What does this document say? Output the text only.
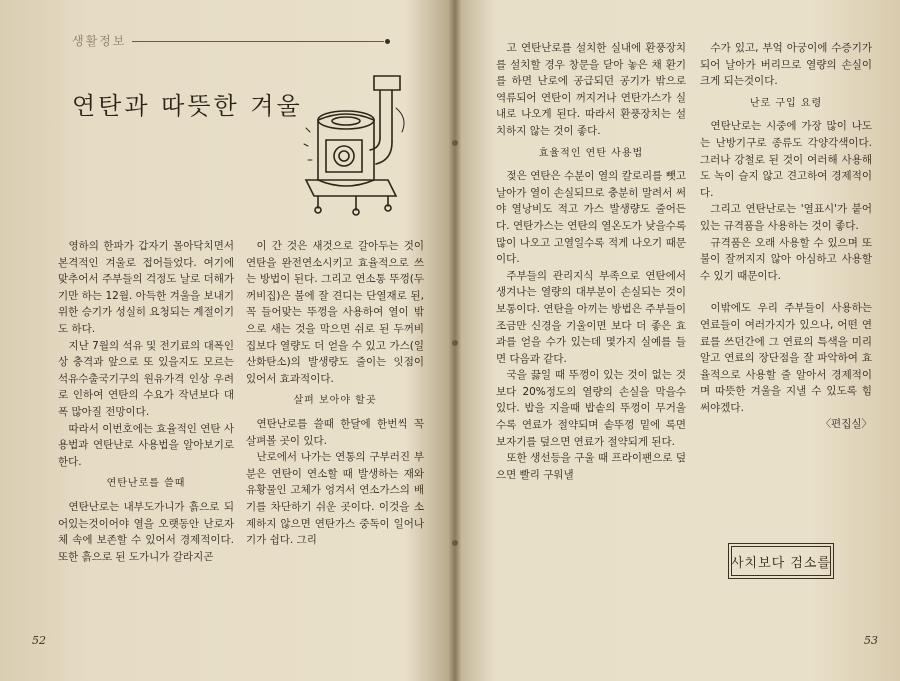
생활정보
연탄과 따뜻한 겨울

영하의 한파가 갑자기 몰아닥치면서 본격적인 겨울로 접어들었다. 여기에 맞추어서 주부들의 걱정도 날로 더해가기만 하는 12월. 아득한 겨울을 보내기 위한 승기가 성실히 요청되는 계절이기도 하다.

지난 7월의 석유 및 전기료의 대폭인상 충격과 앞으로 또 있을지도 모르는 석유수출국기구의 원유가격 인상 우려로 인하여 연탄의 수요가 작년보다 대폭 많아질 전망이다.

따라서 이번호에는 효율적인 연탄 사용법과 연탄난로 사용법을 알아보기로 한다.

연탄난로를 쓸때

연탄난로는 내부도가니가 흙으로 되어있는것이어야 열을 오랫동안 난로자체 속에 보존할 수 있어서 경제적이다. 또한 흙으로 된 도가니가 갈라지곤

이 간 것은 새것으로 갈아두는 것이 연탄을 완전연소시키고 효율적으로 쓰는 방법이 된다. 그리고 연소통 뚜껑(두꺼비집)은 불에 잘 견디는 단열재로 된, 꼭 들어맞는 뚜껑을 사용하여 열이 밖으로 새는 것을 막으면 쉬로 된 두꺼비집보다 열량도 더 얻을 수 있고 가스(일산화탄소)의 발생량도 줄이는 잇점이 있어서 효과적이다.

살펴 보아야 할곳

연탄난로를 쓸때 한달에 한번씩 꼭 살펴볼 곳이 있다.

난로에서 나가는 연통의 구부러진 부분은 연탄이 연소할 때 발생하는 재와 유황물인 고체가 엉겨서 연소가스의 배기를 차단하기 쉬운 곳이다. 이것을 소제하지 않으면 연탄가스 중독이 일어나기가 쉽다. 그리

52

고 연탄난로를 설치한 실내에 환풍장치를 설치할 경우 창문을 닫아 놓은 채 환기를 하면 난로에 공급되던 공기가 밖으로 역류되어 연탄이 꺼지거나 연탄가스가 실내로 나오게 된다. 따라서 환풍장치는 설치하지 않는 것이 좋다.

효율적인 연탄 사용법

젖은 연탄은 수분이 열의 칼로리를 뺏고 날아가 열이 손실되므로 충분히 말려서 써야 열낭비도 적고 가스 발생량도 줄어든다. 연탄가스는 연탄의 열온도가 낮을수록 많이 나오고 고열일수록 적게 나오기 때문이다.

주부들의 관리지식 부족으로 연탄에서 생겨나는 열량의 대부분이 손실되는 것이 보통이다. 연탄을 아끼는 방법은 주부들이 조금만 신경을 기울이면 보다 더 좋은 효과를 얻을 수가 있는데 몇가지 실예를 들면 다음과 같다.

국을 끓일 때 뚜껑이 있는 것이 없는 것보다 20%정도의 열량의 손실을 막을수 있다. 밥을 지을때 밥솥의 뚜껑이 무거울수록 연료가 절약되며 솥뚜껑 밑에 록면 보자기를 덮으면 연료가 절약되게 된다.

또한 생선등을 구울 때 프라이팬으로 덮으면 빨리 구워낼

수가 있고, 부엌 아궁이에 수증기가 되어 날아가 버리므로 열량의 손실이 크게 되는것이다.

난로 구입 요령

연탄난로는 시중에 가장 많이 나도는 난방기구로 종류도 각양각색이다. 그러나 강철로 된 것이 여러해 사용해도 녹이 슬지 않고 견고하여 경제적이다.

그리고 연탄난로는 '열표시'가 붙어 있는 규격품을 사용하는 것이 좋다.

규격품은 오래 사용할 수 있으며 또 불이 잘꺼지지 않아 아심하고 사용할 수 있기 때문이다.

이밖에도 우리 주부들이 사용하는 연료들이 여러가지가 있으나, 어떤 연료를 쓰던간에 그 연료의 특색을 미리 알고 연료의 장단점을 잘 파악하여 효율적으로 사용할 줄 알아서 경제적이며 따뜻한 겨울을 지낼 수 있도록 힘써야겠다.

〈편집실〉

사치보다 검소를
53
